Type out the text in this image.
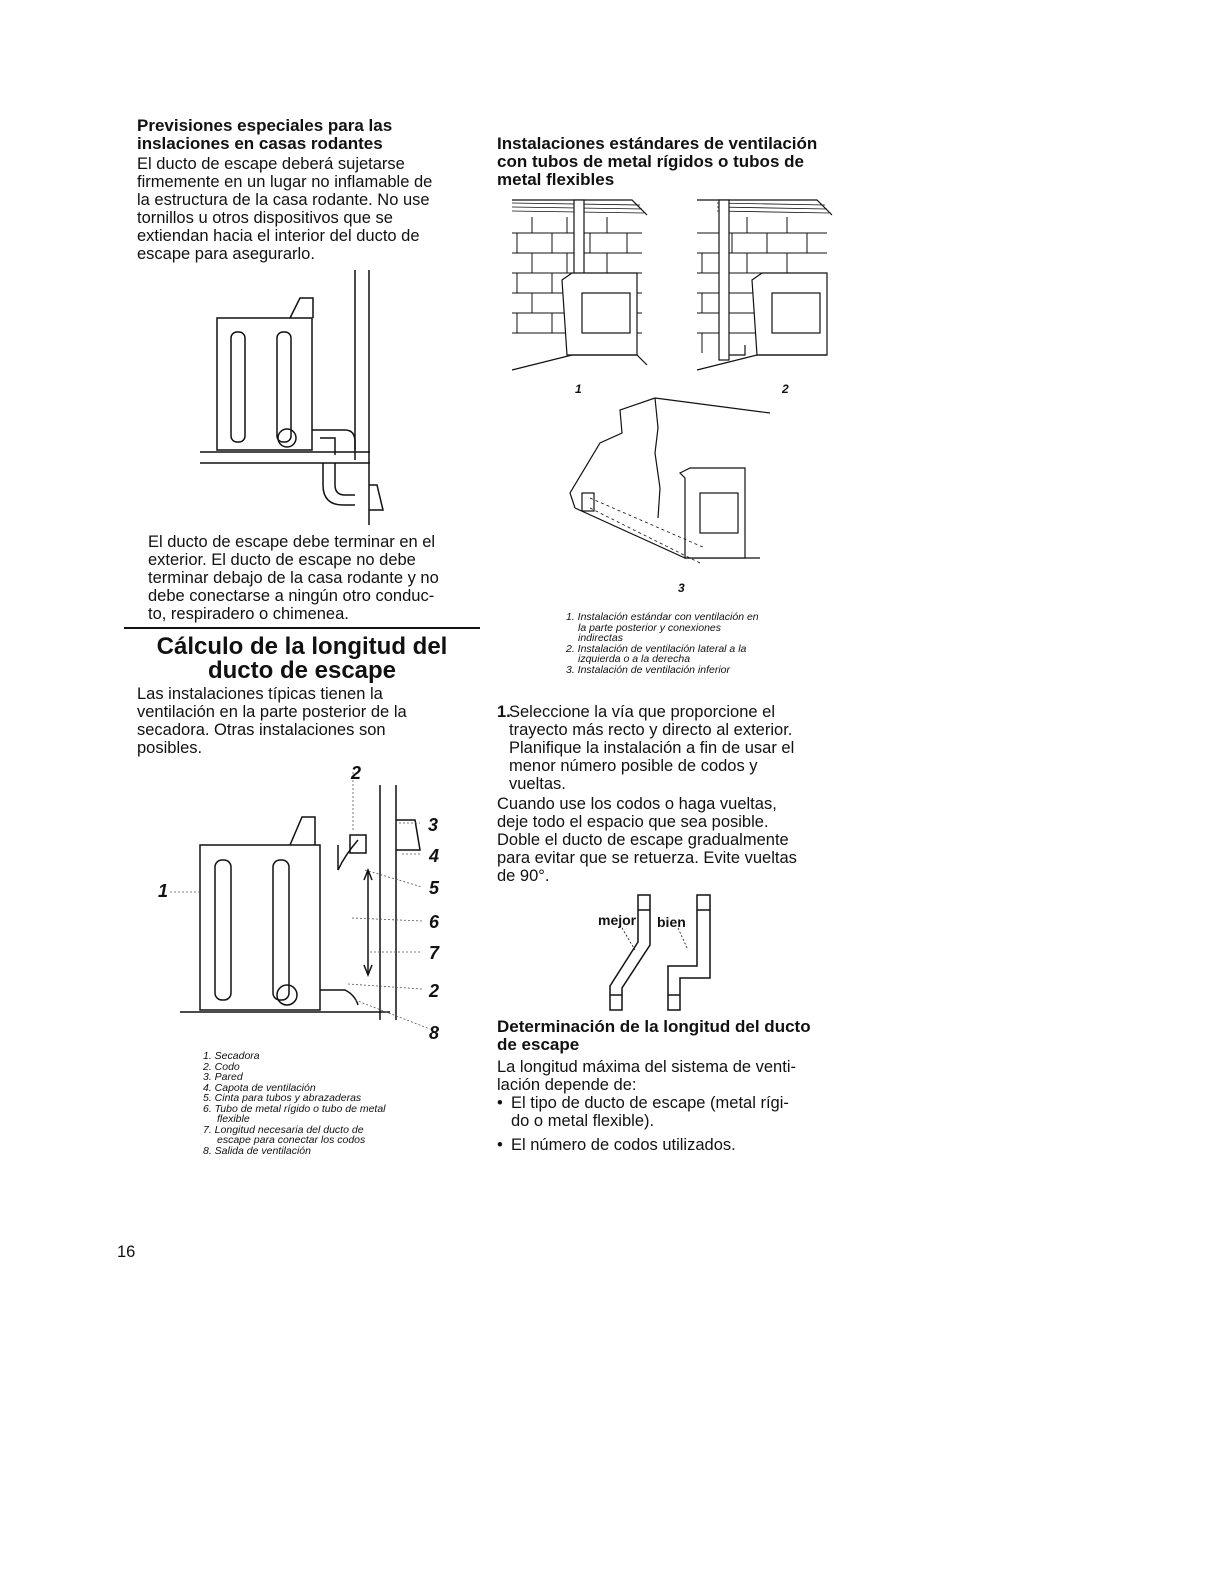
Previsiones especiales para las
inslaciones en casas rodantes
El ducto de escape deberá sujetarse
firmemente en un lugar no inflamable de
la estructura de la casa rodante. No use
tornillos u otros dispositivos que se
extiendan hacia el interior del ducto de
escape para asegurarlo.
El ducto de escape debe terminar en el
exterior. El ducto de escape no debe
terminar debajo de la casa rodante y no
debe conectarse a ningún otro conduc-
to, respiradero o chimenea.
Cálculo de la longitud del
ducto de escape
Las instalaciones típicas tienen la
ventilación en la parte posterior de la
secadora. Otras instalaciones son
posibles.
2
3
4
5
6
7
2
8
1
1. Secadora
2. Codo
3. Pared
4. Capota de ventilación
5. Cinta para tubos y abrazaderas
6. Tubo de metal rígido o tubo de metal
flexible
7. Longitud necesaria del ducto de
escape para conectar los codos
8. Salida de ventilación
Instalaciones estándares de ventilación
con tubos de metal rígidos o tubos de
metal flexibles
1	2
3
1. Instalación estándar con ventilación en
la parte posterior y conexiones
indirectas
2. Instalación de ventilación lateral a la
izquierda o a la derecha
3. Instalación de ventilación inferior
1.
Seleccione la vía que proporcione el
trayecto más recto y directo al exterior.
Planifique la instalación a fin de usar el
menor número posible de codos y
vueltas.
Cuando use los codos o haga vueltas,
deje todo el espacio que sea posible.
Doble el ducto de escape gradualmente
para evitar que se retuerza. Evite vueltas
de 90°.
mejor bien
Determinación de la longitud del ducto
de escape
La longitud máxima del sistema de venti-
lación depende de:
• El tipo de ducto de escape (metal rígi-
do o metal flexible).
• El número de codos utilizados.
16
